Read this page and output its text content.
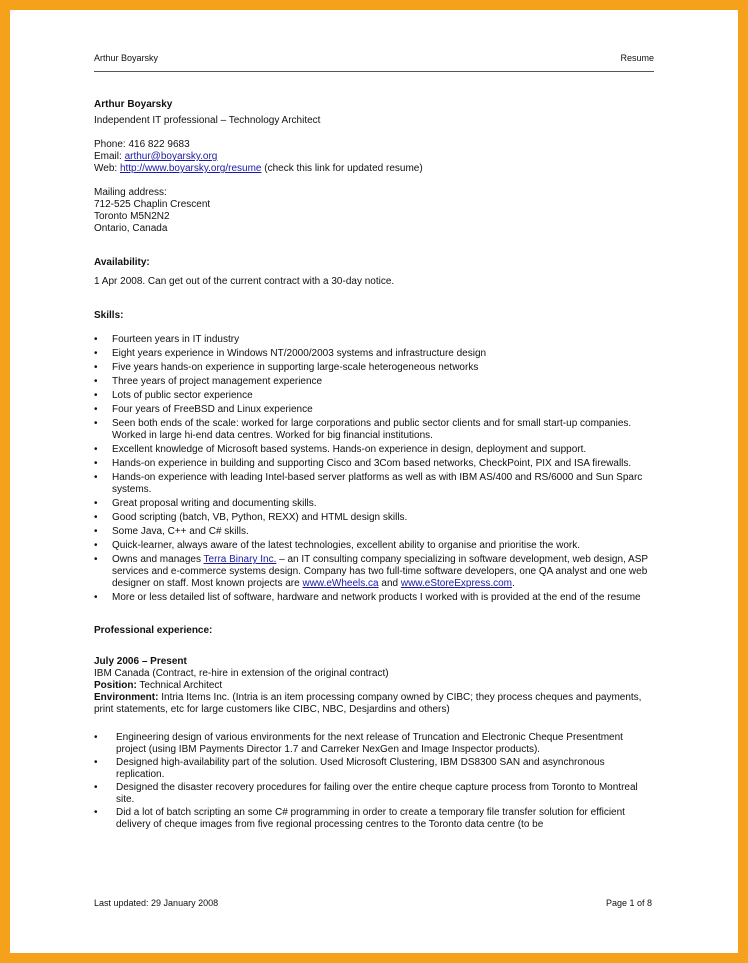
Arthur Boyarsky	Resume
Arthur Boyarsky
Independent IT professional – Technology Architect
Phone: 416 822 9683
Email: arthur@boyarsky.org
Web: http://www.boyarsky.org/resume (check this link for updated resume)
Mailing address:
712-525 Chaplin Crescent
Toronto M5N2N2
Ontario, Canada
Availability:
1 Apr 2008. Can get out of the current contract with a 30-day notice.
Skills:
• Fourteen years in IT industry
• Eight years experience in Windows NT/2000/2003 systems and infrastructure design
• Five years hands-on experience in supporting large-scale heterogeneous networks
• Three years of project management experience
• Lots of public sector experience
• Four years of FreeBSD and Linux experience
• Seen both ends of the scale: worked for large corporations and public sector clients and for small start-up companies. Worked in large hi-end data centres. Worked for big financial institutions.
• Excellent knowledge of Microsoft based systems. Hands-on experience in design, deployment and support.
• Hands-on experience in building and supporting Cisco and 3Com based networks, CheckPoint, PIX and ISA firewalls.
• Hands-on experience with leading Intel-based server platforms as well as with IBM AS/400 and RS/6000 and Sun Sparc systems.
• Great proposal writing and documenting skills.
• Good scripting (batch, VB, Python, REXX) and HTML design skills.
• Some Java, C++ and C# skills.
• Quick-learner, always aware of the latest technologies, excellent ability to organise and prioritise the work.
• Owns and manages Terra Binary Inc. – an IT consulting company specializing in software development, web design, ASP services and e-commerce systems design. Company has two full-time software developers, one QA analyst and one web designer on staff. Most known projects are www.eWheels.ca and www.eStoreExpress.com.
• More or less detailed list of software, hardware and network products I worked with is provided at the end of the resume
Professional experience:
July 2006 – Present
IBM Canada (Contract, re-hire in extension of the original contract)
Position: Technical Architect
Environment: Intria Items Inc. (Intria is an item processing company owned by CIBC; they process cheques and payments, print statements, etc for large customers like CIBC, NBC, Desjardins and others)
• Engineering design of various environments for the next release of Truncation and Electronic Cheque Presentment project (using IBM Payments Director 1.7 and Carreker NexGen and Image Inspector products).
• Designed high-availability part of the solution. Used Microsoft Clustering, IBM DS8300 SAN and asynchronous replication.
• Designed the disaster recovery procedures for failing over the entire cheque capture process from Toronto to Montreal site.
• Did a lot of batch scripting an some C# programming in order to create a temporary file transfer solution for efficient delivery of cheque images from five regional processing centres to the Toronto data centre (to be
Last updated: 29 January 2008	Page 1 of 8
